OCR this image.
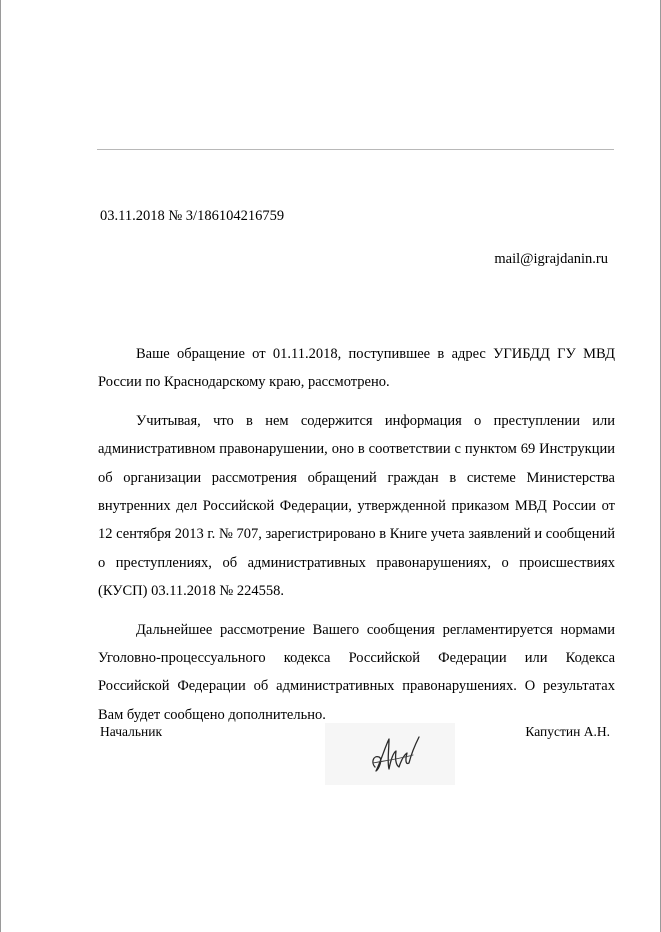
03.11.2018 № 3/186104216759
mail@igrajdanin.ru

Ваше обращение от 01.11.2018, поступившее в адрес УГИБДД ГУ МВД России по Краснодарскому краю, рассмотрено.

Учитывая, что в нем содержится информация о преступлении или административном правонарушении, оно в соответствии с пунктом 69 Инструкции об организации рассмотрения обращений граждан в системе Министерства внутренних дел Российской Федерации, утвержденной приказом МВД России от 12 сентября 2013 г. № 707, зарегистрировано в Книге учета заявлений и сообщений о преступлениях, об административных правонарушениях, о происшествиях (КУСП) 03.11.2018 № 224558.

Дальнейшее рассмотрение Вашего сообщения регламентируется нормами Уголовно-процессуального кодекса Российской Федерации или Кодекса Российской Федерации об административных правонарушениях. О результатах Вам будет сообщено дополнительно.

Начальник	Капустин А.Н.
